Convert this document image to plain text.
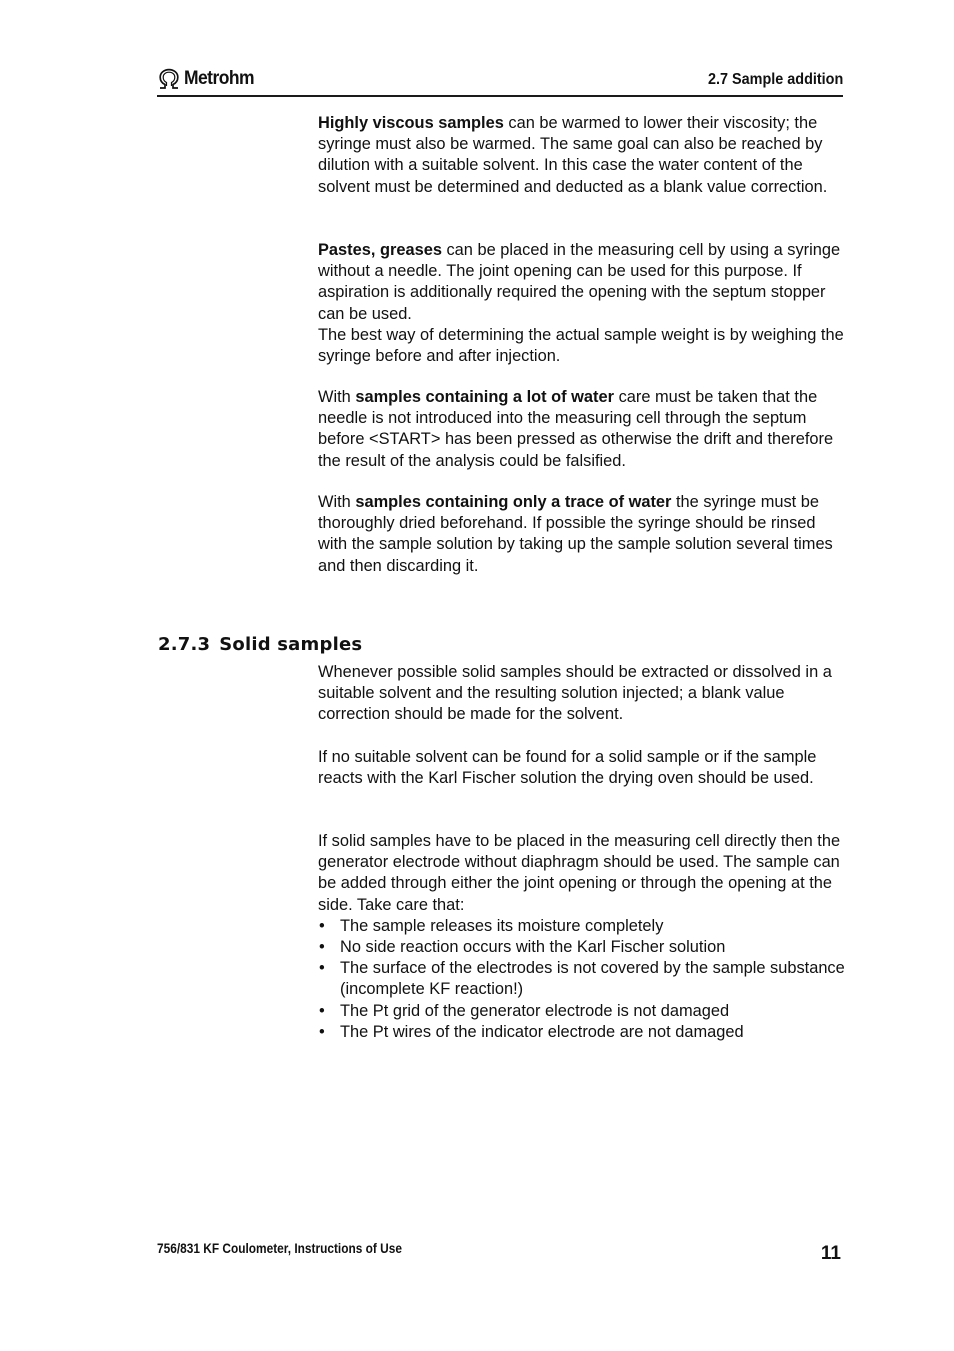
Metrohm	2.7 Sample addition

Highly viscous samples can be warmed to lower their viscosity; the syringe must also be warmed. The same goal can also be reached by dilution with a suitable solvent. In this case the water content of the solvent must be determined and deducted as a blank value correction.

Pastes, greases can be placed in the measuring cell by using a syringe without a needle. The joint opening can be used for this purpose. If aspiration is additionally required the opening with the septum stopper can be used.

The best way of determining the actual sample weight is by weighing the syringe before and after injection.

With samples containing a lot of water care must be taken that the needle is not introduced into the measuring cell through the septum before <START> has been pressed as otherwise the drift and therefore the result of the analysis could be falsified.

With samples containing only a trace of water the syringe must be thoroughly dried beforehand. If possible the syringe should be rinsed with the sample solution by taking up the sample solution several times and then discarding it.

2.7.3 Solid samples

Whenever possible solid samples should be extracted or dissolved in a suitable solvent and the resulting solution injected; a blank value correction should be made for the solvent.

If no suitable solvent can be found for a solid sample or if the sample reacts with the Karl Fischer solution the drying oven should be used.

If solid samples have to be placed in the measuring cell directly then the generator electrode without diaphragm should be used. The sample can be added through either the joint opening or through the opening at the side. Take care that:

• The sample releases its moisture completely
• No side reaction occurs with the Karl Fischer solution
• The surface of the electrodes is not covered by the sample substance (incomplete KF reaction!)
• The Pt grid of the generator electrode is not damaged
• The Pt wires of the indicator electrode are not damaged
756/831 KF Coulometer, Instructions of Use	11
